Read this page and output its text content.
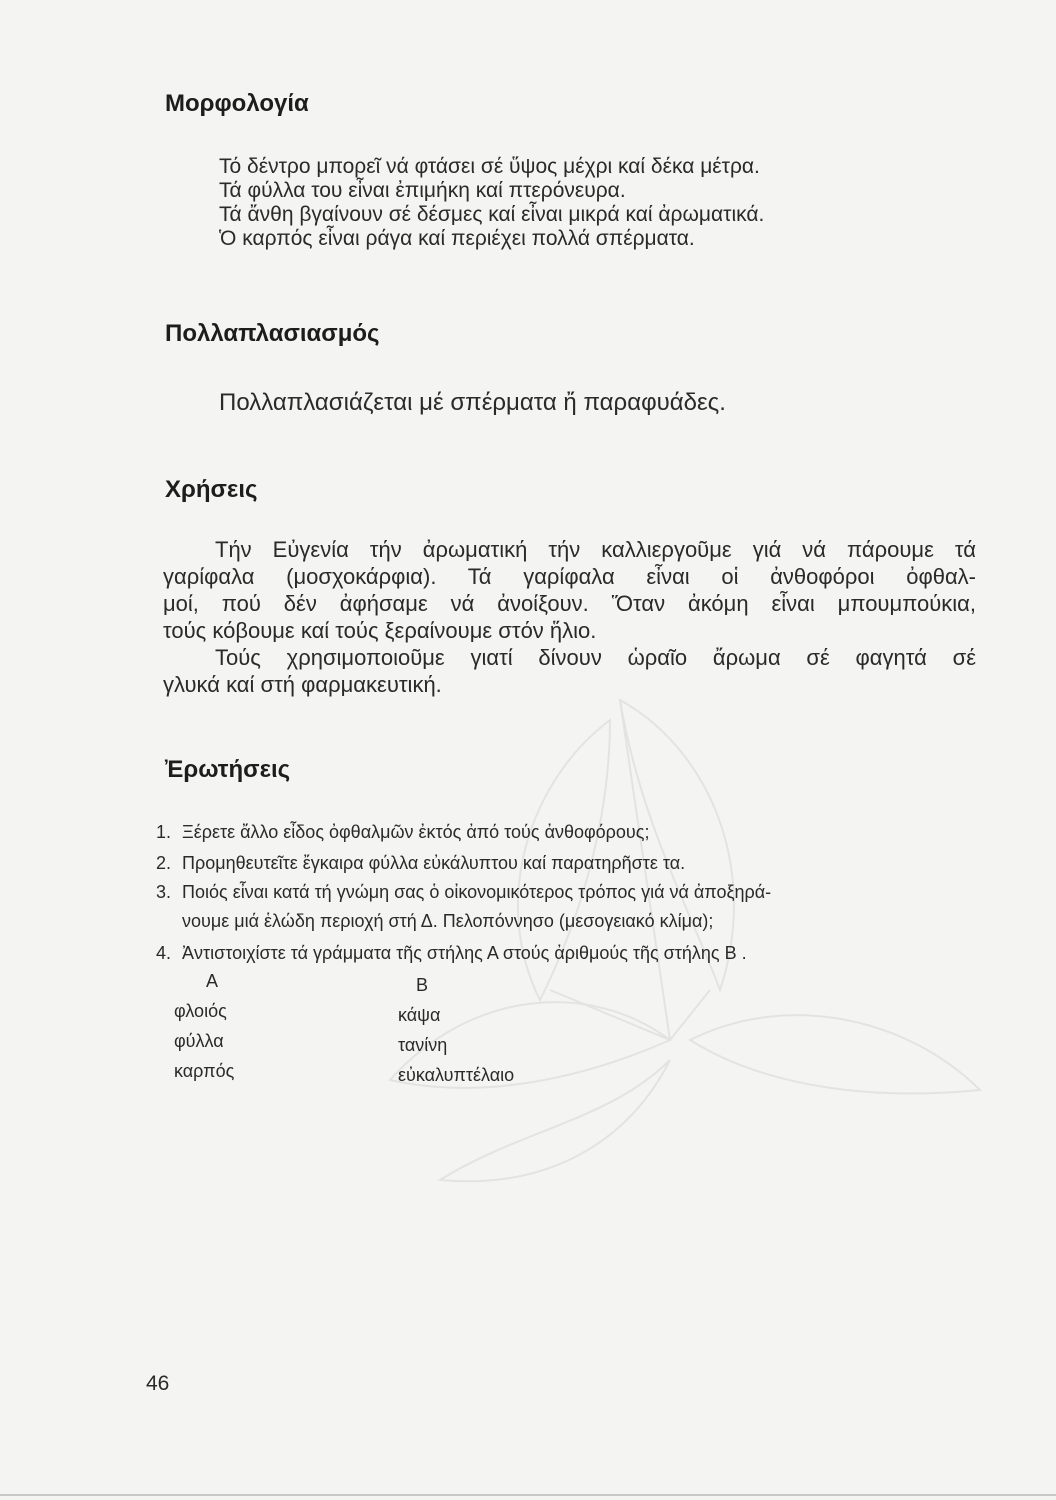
Μορφολογία
Τό δέντρο μπορεῖ νά φτάσει σέ ὕψος μέχρι καί δέκα μέτρα.
Τά φύλλα του εἶναι ἐπιμήκη καί πτερόνευρα.
Τά ἄνθη βγαίνουν σέ δέσμες καί εἶναι μικρά καί ἀρωματικά.
Ὁ καρπός εἶναι ράγα καί περιέχει πολλά σπέρματα.
Πολλαπλασιασμός

Πολλαπλασιάζεται μέ σπέρματα ἤ παραφυάδες.

Χρήσεις
Τήν Εὐγενία τήν ἀρωματική τήν καλλιεργοῦμε γιά νά πάρουμε τά
γαρίφαλα (μοσχοκάρφια). Τά γαρίφαλα εἶναι οἱ ἀνθοφόροι ὀφθαλ-
μοί, πού δέν ἀφήσαμε νά ἀνοίξουν. Ὅταν ἀκόμη εἶναι μπουμπούκια,
τούς κόβουμε καί τούς ξεραίνουμε στόν ἥλιο.
Τούς χρησιμοποιοῦμε γιατί δίνουν ὡραῖο ἄρωμα σέ φαγητά σέ
γλυκά καί στή φαρμακευτική.
Ἐρωτήσεις
1. Ξέρετε ἄλλο εἶδος ὀφθαλμῶν ἐκτός ἀπό τούς ἀνθοφόρους;
2. Προμηθευτεῖτε ἔγκαιρα φύλλα εὐκάλυπτου καί παρατηρῆστε τα.
3. Ποιός εἶναι κατά τή γνώμη σας ὁ οἰκονομικότερος τρόπος γιά νά ἀποξηρά-
νουμε μιά ἑλώδη περιοχή στή Δ. Πελοπόννησο (μεσογειακό κλίμα);
4. Ἀντιστοιχίστε τά γράμματα τῆς στήλης Α στούς ἀριθμούς τῆς στήλης Β .
Α
φλοιός
φύλλα
καρπός
Β
κάψα
τανίνη
εὐκαλυπτέλαιο
46
